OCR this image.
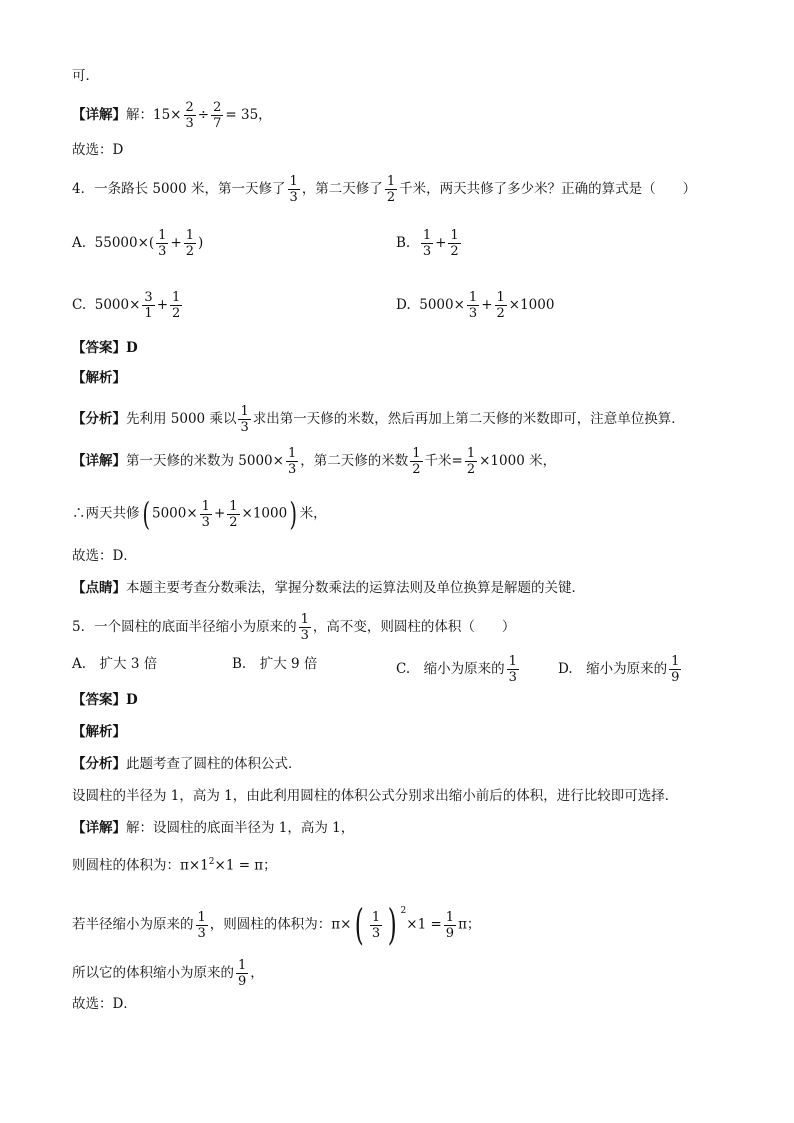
可．
【详解】解：$15\times \frac{2}{3} \div \frac{2}{7} = 35$，
故选：D
4．一条路长 5000 米，第一天修了 $\frac{1}{3}$ ，第二天修了 $\frac{1}{2}$ 千米，两天共修了多少米？正确的算式是（　　）
A. $55000\times( \frac{1}{3} + \frac{1}{2}$ )	B. $\frac{1}{3} + \frac{1}{2}$
C. $5000\times \frac{3}{1} + \frac{1}{2}$	D. $5000\times \frac{1}{3} + \frac{1}{2} \times 1000$
【答案】D
【解析】
【分析】先利用 5000 乘以 $\frac{1}{3}$ 求出第一天修的米数，然后再加上第二天修的米数即可，注意单位换算．
【详解】第一天修的米数为 $5000\times \frac{1}{3}$ ，第二天修的米数 $\frac{1}{2}$ 千米= $\frac{1}{2} \times 1000$ 米，
∴两天共修( $5000\times \frac{1}{3} + \frac{1}{2} \times 1000$) 米，
故选：D．
【点睛】本题主要考查分数乘法，掌握分数乘法的运算法则及单位换算是解题的关键．
5．一个圆柱的底面半径缩小为原来的 $\frac{1}{3}$ ，高不变，则圆柱的体积（　　）
A.　扩大 3 倍	B.　扩大 9 倍	C.　缩小为原来的 $\frac{1}{3}$	D.　缩小为原来的 $\frac{1}{9}$
【答案】D
【解析】
【分析】此题考查了圆柱的体积公式．
设圆柱的半径为 1，高为 1，由此利用圆柱的体积公式分别求出缩小前后的体积，进行比较即可选择．
【详解】解：设圆柱的底面半径为 1，高为 1，
则圆柱的体积为：$\pi\times 1^2\times 1 = \pi$；
若半径缩小为原来的 $\frac{1}{3}$ ，则圆柱的体积为：$\pi\times( \frac{1}{3}$ ) $^2\times 1 = \frac{1}{9}$ π；
所以它的体积缩小为原来的 $\frac{1}{9}$ ，
故选：D．
